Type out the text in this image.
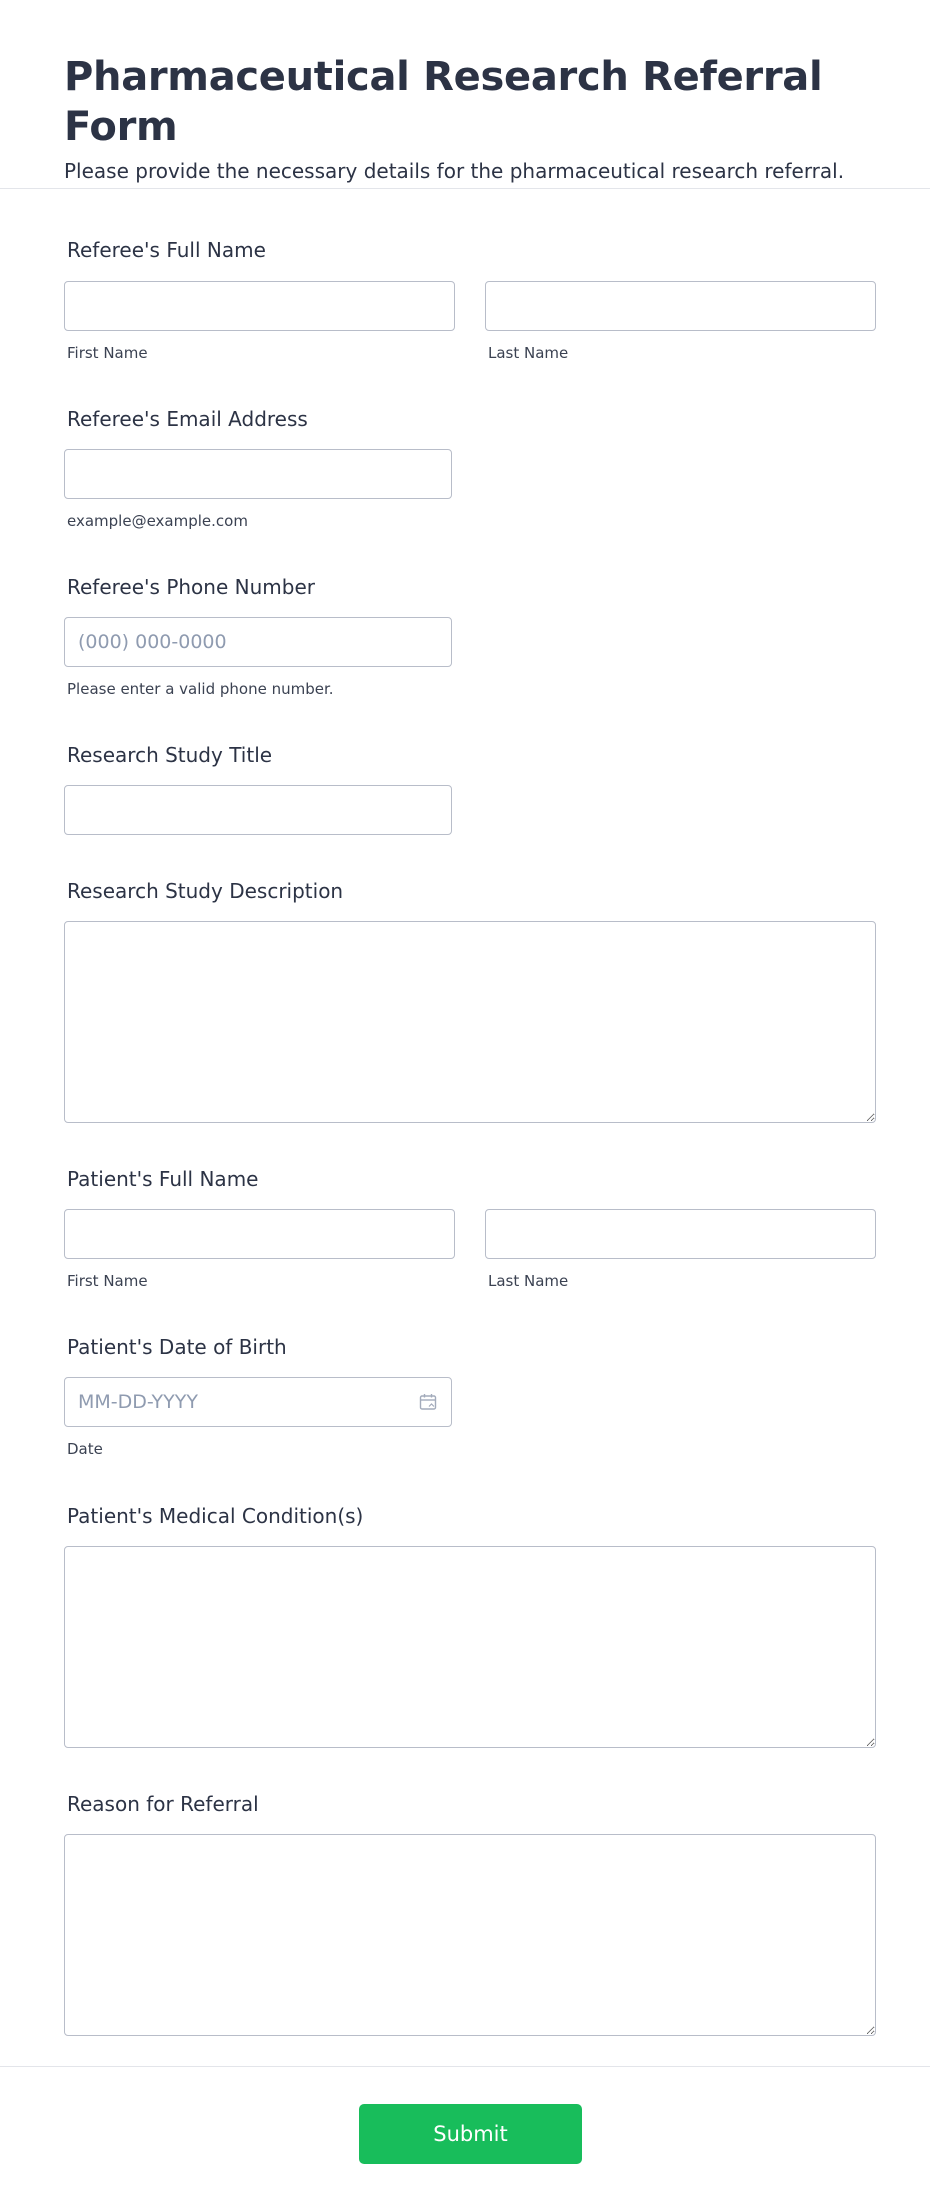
Pharmaceutical Research Referral Form

Please provide the necessary details for the pharmaceutical research referral.

Referee's Full Name
First Name	Last Name
Referee's Email Address
example@example.com
Referee's Phone Number
(000) 000-0000
Please enter a valid phone number.
Research Study Title
Research Study Description
Patient's Full Name
First Name	Last Name
Patient's Date of Birth
MM-DD-YYYY
Date
Patient's Medical Condition(s)
Reason for Referral
Submit
